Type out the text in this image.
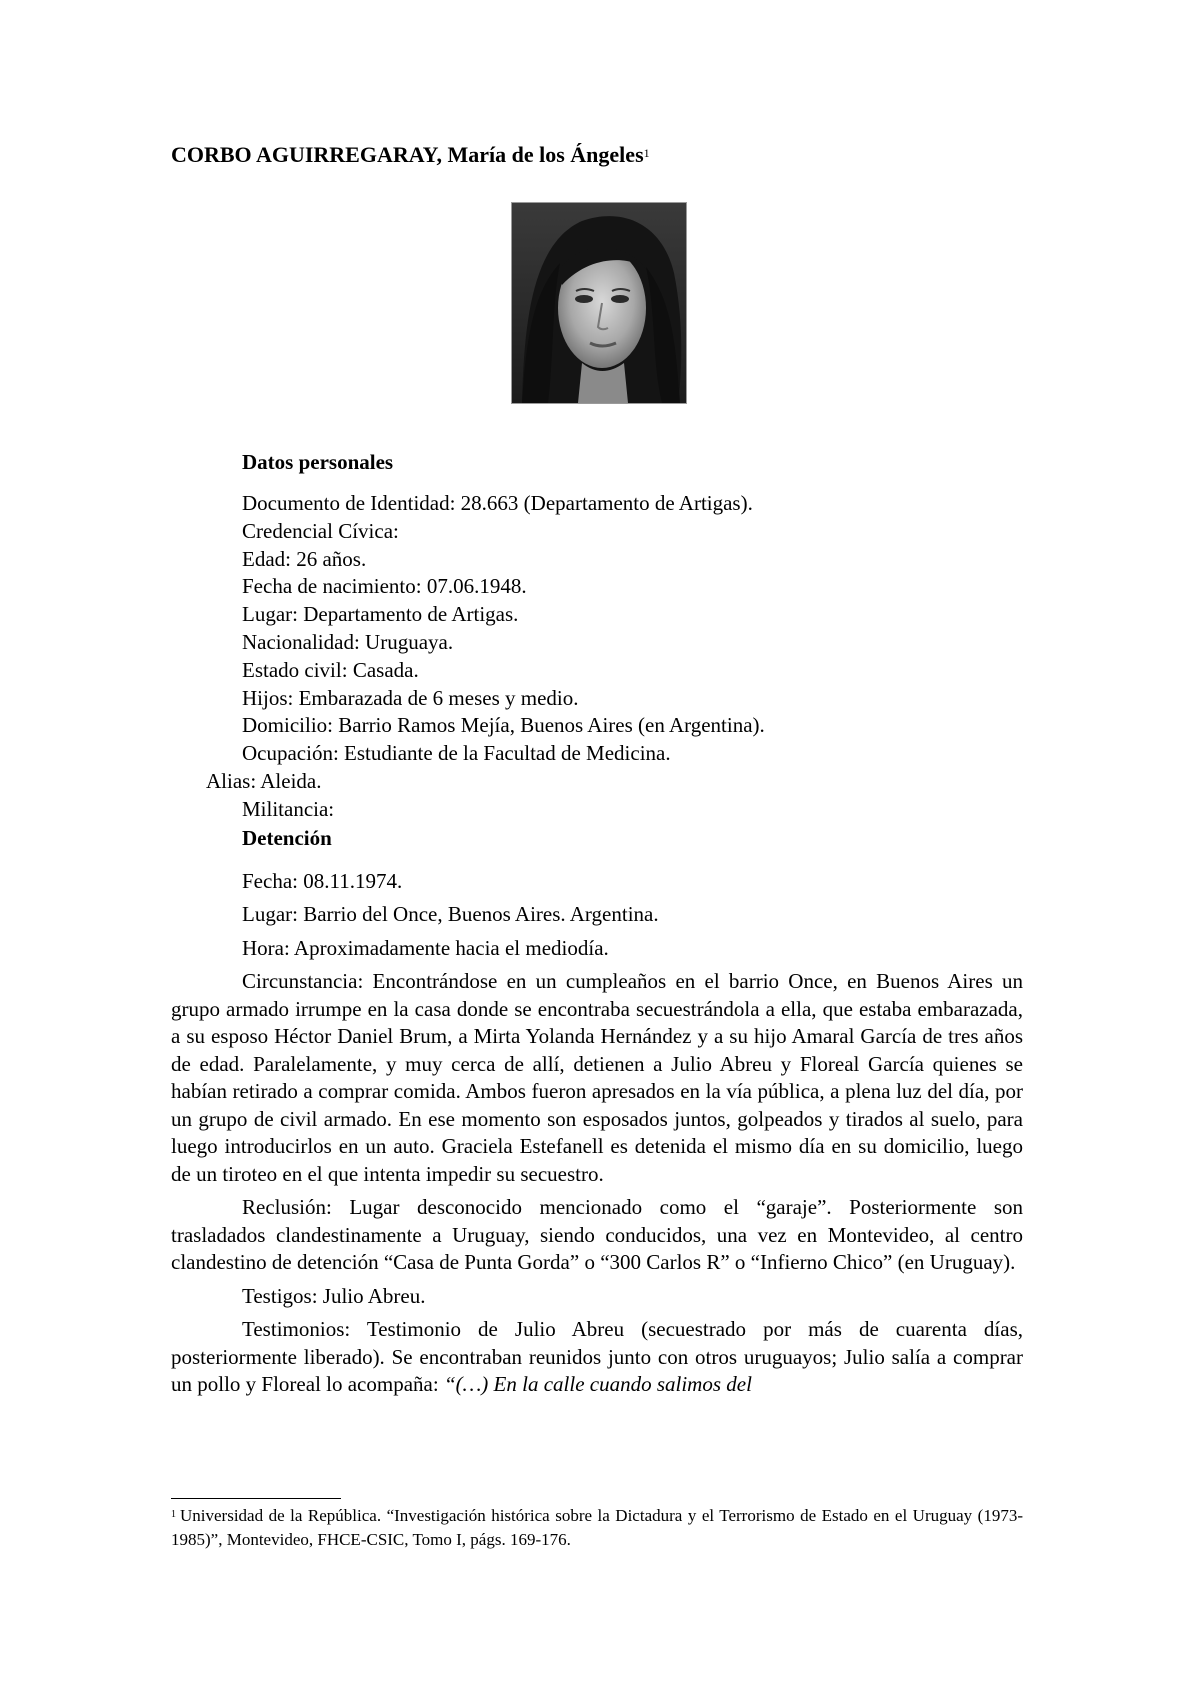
CORBO AGUIRREGARAY, María de los Ángeles$^1$
Datos personales
Documento de Identidad: 28.663 (Departamento de Artigas).
Credencial Cívica:
Edad: 26 años.
Fecha de nacimiento: 07.06.1948.
Lugar: Departamento de Artigas.
Nacionalidad: Uruguaya.
Estado civil: Casada.
Hijos: Embarazada de 6 meses y medio.
Domicilio: Barrio Ramos Mejía, Buenos Aires (en Argentina).
Ocupación: Estudiante de la Facultad de Medicina.
Alias: Aleida.
Militancia:
Detención

Fecha: 08.11.1974.

Lugar: Barrio del Once, Buenos Aires. Argentina.

Hora: Aproximadamente hacia el mediodía.

Circunstancia: Encontrándose en un cumpleaños en el barrio Once, en Buenos Aires un grupo armado irrumpe en la casa donde se encontraba secuestrándola a ella, que estaba embarazada, a su esposo Héctor Daniel Brum, a Mirta Yolanda Hernández y a su hijo Amaral García de tres años de edad. Paralelamente, y muy cerca de allí, detienen a Julio Abreu y Floreal García quienes se habían retirado a comprar comida. Ambos fueron apresados en la vía pública, a plena luz del día, por un grupo de civil armado. En ese momento son esposados juntos, golpeados y tirados al suelo, para luego introducirlos en un auto. Graciela Estefanell es detenida el mismo día en su domicilio, luego de un tiroteo en el que intenta impedir su secuestro.

Reclusión: Lugar desconocido mencionado como el “garaje”. Posteriormente son trasladados clandestinamente a Uruguay, siendo conducidos, una vez en Montevideo, al centro clandestino de detención “Casa de Punta Gorda” o “300 Carlos R” o “Infierno Chico” (en Uruguay).

Testigos: Julio Abreu.

Testimonios: Testimonio de Julio Abreu (secuestrado por más de cuarenta días, posteriormente liberado). Se encontraban reunidos junto con otros uruguayos; Julio salía a comprar un pollo y Floreal lo acompaña: “(…) En la calle cuando salimos del

$^1$ Universidad de la República. “Investigación histórica sobre la Dictadura y el Terrorismo de Estado en el Uruguay (1973-1985)”, Montevideo, FHCE-CSIC, Tomo I, págs. 169-176.
